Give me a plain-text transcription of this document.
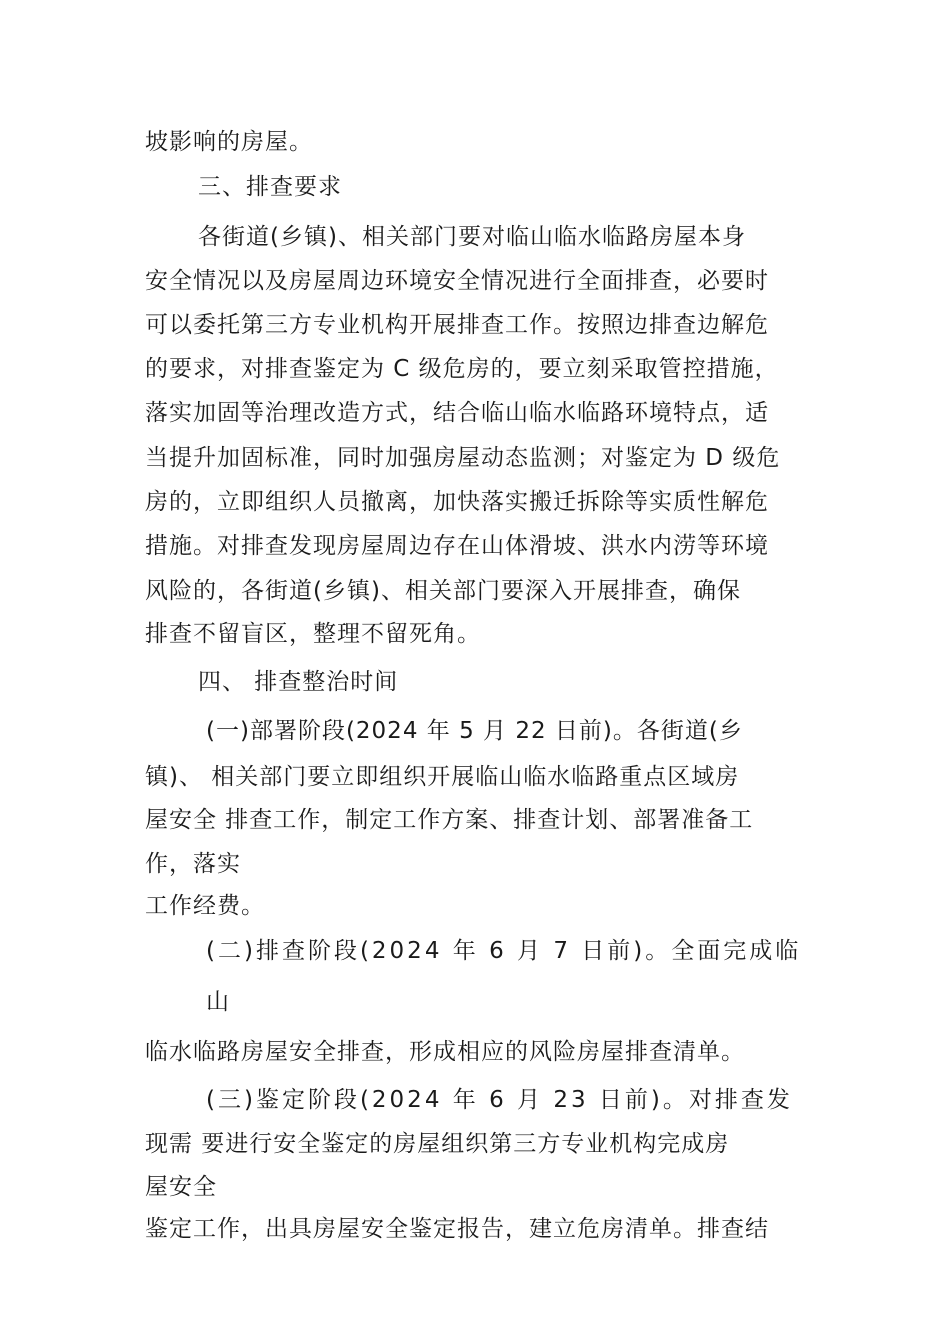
坡影响的房屋。
三、排查要求
各街道(乡镇)、相关部门要对临山临水临路房屋本身
安全情况以及房屋周边环境安全情况进行全面排查，必要时
可以委托第三方专业机构开展排查工作。按照边排查边解危
的要求，对排查鉴定为 C 级危房的，要立刻采取管控措施，
落实加固等治理改造方式，结合临山临水临路环境特点，适
当提升加固标准，同时加强房屋动态监测；对鉴定为 D 级危
房的，立即组织人员撤离，加快落实搬迁拆除等实质性解危
措施。对排查发现房屋周边存在山体滑坡、洪水内涝等环境
风险的，各街道(乡镇)、相关部门要深入开展排查，确保
排查不留盲区，整理不留死角。
四、 排查整治时间
(一)部署阶段(2024 年 5 月 22 日前)。各街道(乡
镇)、 相关部门要立即组织开展临山临水临路重点区域房
屋安全 排查工作，制定工作方案、排查计划、部署准备工
作，落实
工作经费。
(二)排查阶段(2024 年 6 月 7 日前)。全面完成临
山
临水临路房屋安全排查，形成相应的风险房屋排查清单。
(三)鉴定阶段(2024 年 6 月 23 日前)。对排查发
现需 要进行安全鉴定的房屋组织第三方专业机构完成房
屋安全
鉴定工作，出具房屋安全鉴定报告，建立危房清单。排查结
